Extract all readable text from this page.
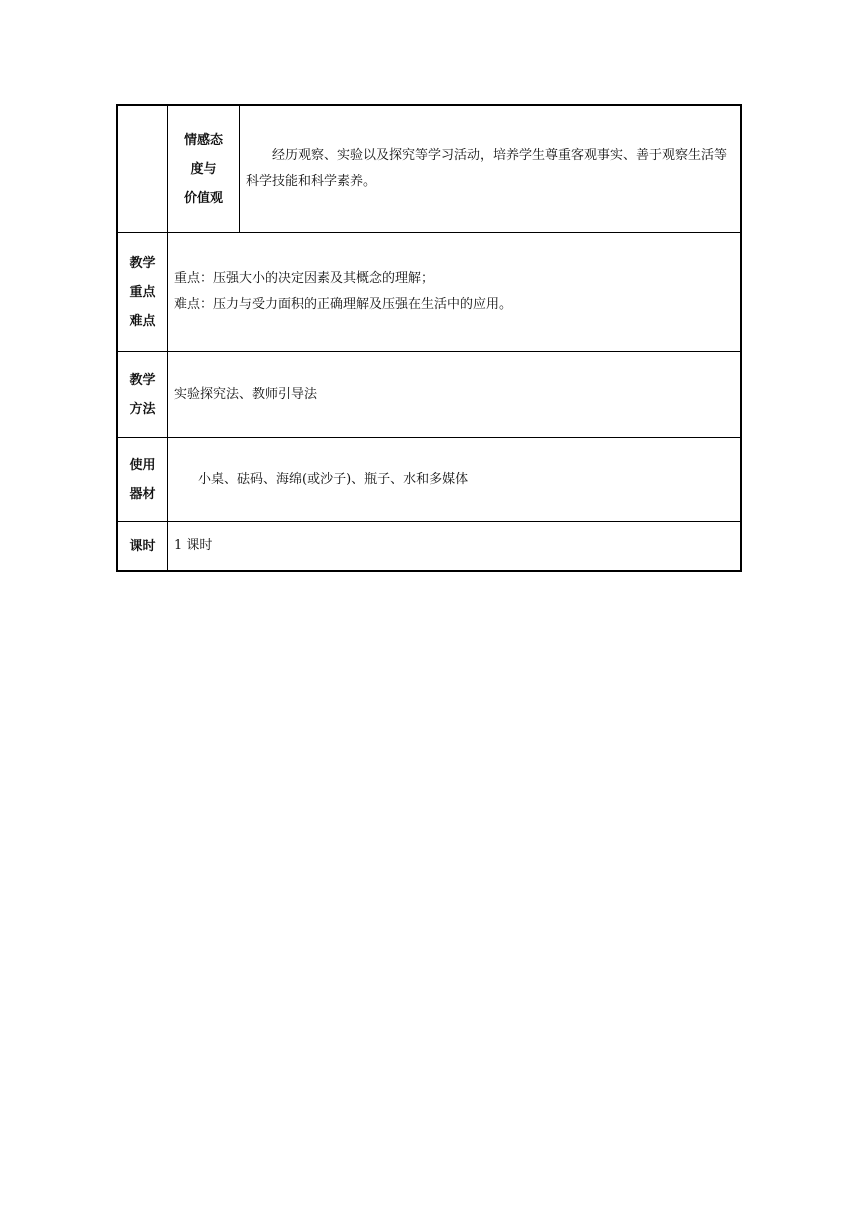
情感态
度与
价值观

经历观察、实验以及探究等学习活动，培养学生尊重客观事实、善于观察生活等科学技能和科学素养。

教学
重点
难点

重点：压强大小的决定因素及其概念的理解；

难点：压力与受力面积的正确理解及压强在生活中的应用。

教学
方法

实验探究法、教师引导法

使用
器材

小桌、砝码、海绵(或沙子)、瓶子、水和多媒体

课时 1 课时
